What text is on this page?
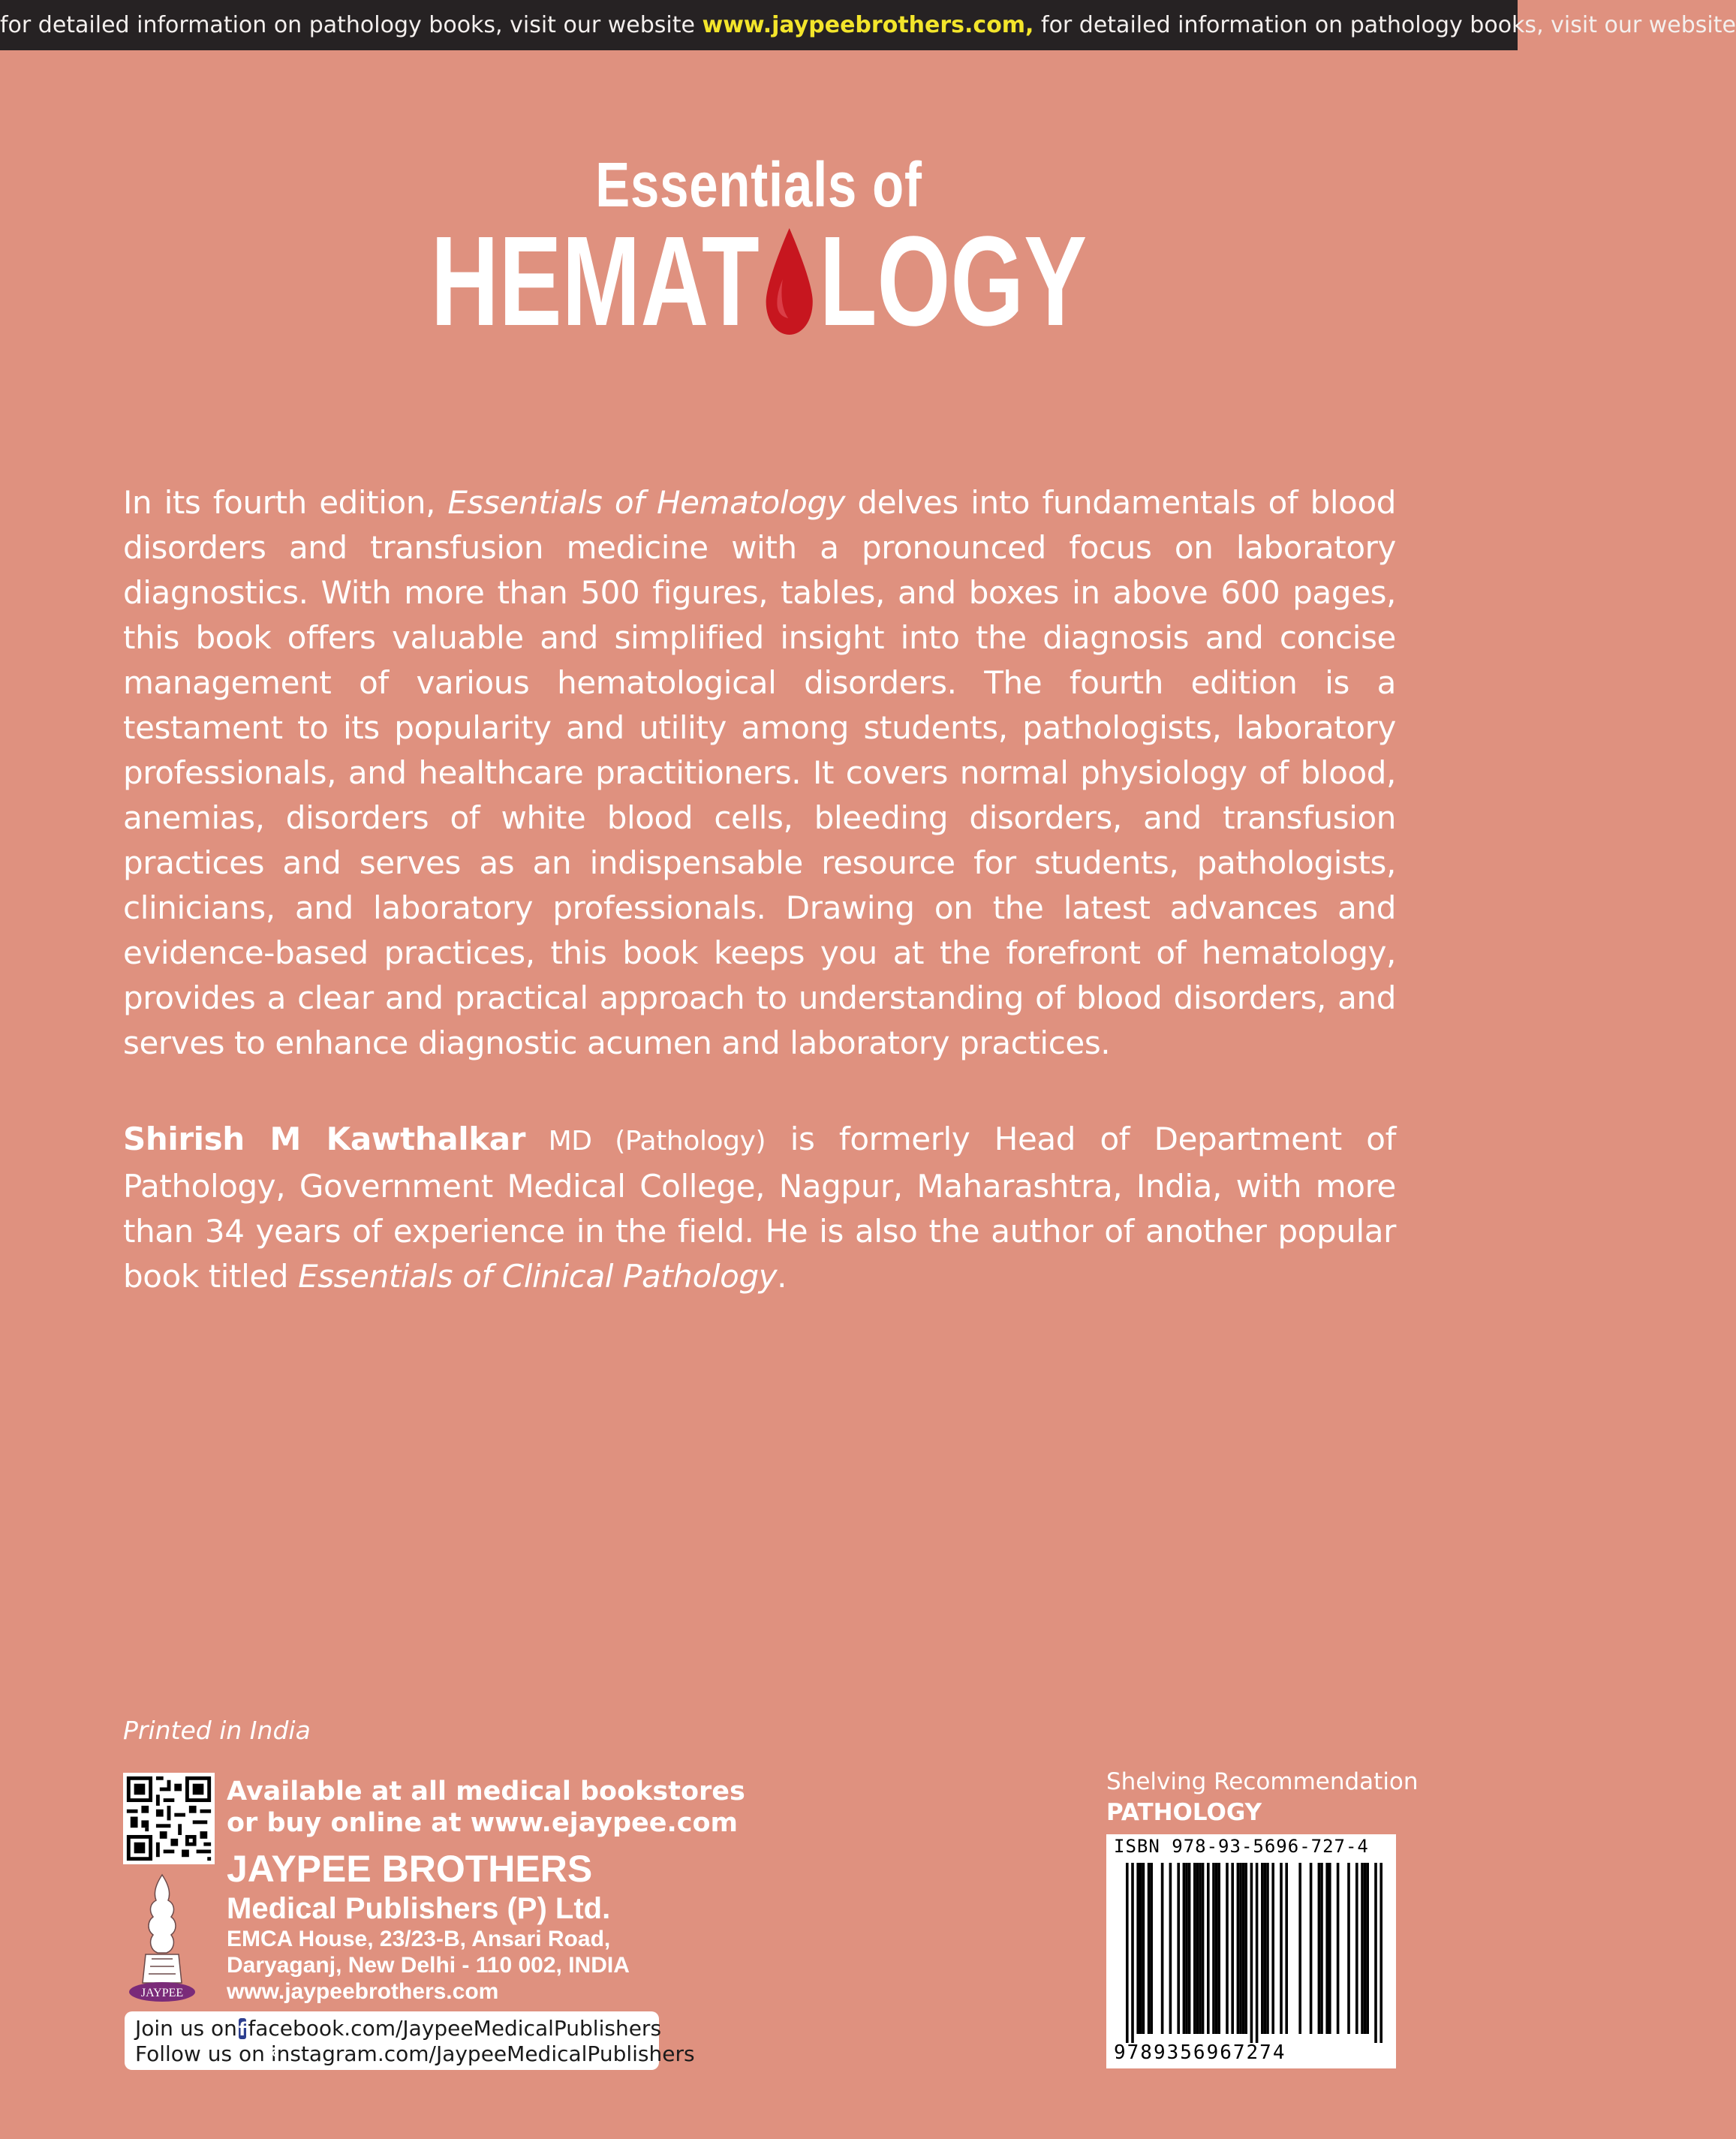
for detailed information on pathology books, visit our website www.jaypeebrothers.com, for detailed information on pathology books, visit our website
Essentials of
HEMAT LOGY
In its fourth edition, Essentials of Hematology delves into fundamentals of blood disorders and transfusion medicine with a pronounced focus on laboratory diagnostics. With more than 500 figures, tables, and boxes in above 600 pages, this book offers valuable and simplified insight into the diagnosis and concise management of various hematological disorders. The fourth edition is a testament to its popularity and utility among students, pathologists, laboratory professionals, and healthcare practitioners. It covers normal physiology of blood, anemias, disorders of white blood cells, bleeding disorders, and transfusion practices and serves as an indispensable resource for students, pathologists, clinicians, and laboratory professionals. Drawing on the latest advances and evidence-based practices, this book keeps you at the forefront of hematology, provides a clear and practical approach to understanding of blood disorders, and serves to enhance diagnostic acumen and laboratory practices.
Shirish M Kawthalkar MD (Pathology) is formerly Head of Department of Pathology, Government Medical College, Nagpur, Maharashtra, India, with more than 34 years of experience in the field. He is also the author of another popular book titled Essentials of Clinical Pathology.
Printed in India
Available at all medical bookstores
or buy online at www.ejaypee.com
JAYPEE
JAYPEE BROTHERS
Medical Publishers (P) Ltd.
EMCA House, 23/23-B, Ansari Road,
Daryaganj, New Delhi - 110 002, INDIA
www.jaypeebrothers.com
Join us on f facebook.com/JaypeeMedicalPublishers
Follow us on instagram.com/JaypeeMedicalPublishers
Shelving Recommendation
PATHOLOGY
ISBN 978-93-5696-727-4
9789356967274
